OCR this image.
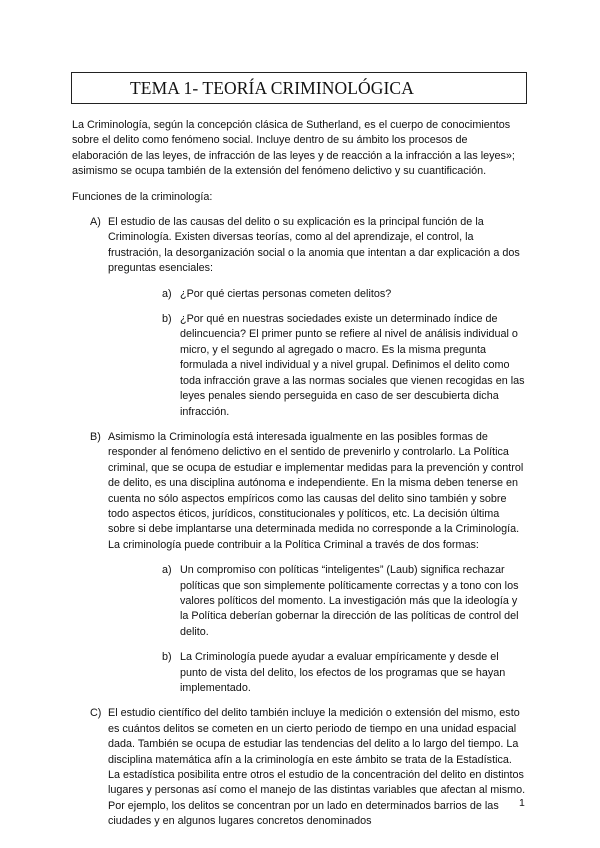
TEMA 1- TEORÍA CRIMINOLÓGICA

La Criminología, según la concepción clásica de Sutherland, es el cuerpo de conocimientos sobre el delito como fenómeno social. Incluye dentro de su ámbito los procesos de elaboración de las leyes, de infracción de las leyes y de reacción a la infracción a las leyes»; asimismo se ocupa también de la extensión del fenómeno delictivo y su cuantificación.

Funciones de la criminología:

A) El estudio de las causas del delito o su explicación es la principal función de la Criminología. Existen diversas teorías, como al del aprendizaje, el control, la frustración, la desorganización social o la anomia que intentan a dar explicación a dos preguntas esenciales:

a) ¿Por qué ciertas personas cometen delitos?

b) ¿Por qué en nuestras sociedades existe un determinado índice de delincuencia? El primer punto se refiere al nivel de análisis individual o micro, y el segundo al agregado o macro. Es la misma pregunta formulada a nivel individual y a nivel grupal. Definimos el delito como toda infracción grave a las normas sociales que vienen recogidas en las leyes penales siendo perseguida en caso de ser descubierta dicha infracción.

B) Asimismo la Criminología está interesada igualmente en las posibles formas de responder al fenómeno delictivo en el sentido de prevenirlo y controlarlo. La Política criminal, que se ocupa de estudiar e implementar medidas para la prevención y control de delito, es una disciplina autónoma e independiente. En la misma deben tenerse en cuenta no sólo aspectos empíricos como las causas del delito sino también y sobre todo aspectos éticos, jurídicos, constitucionales y políticos, etc. La decisión última sobre si debe implantarse una determinada medida no corresponde a la Criminología. La criminología puede contribuir a la Política Criminal a través de dos formas:

a) Un compromiso con políticas “inteligentes” (Laub) significa rechazar políticas que son simplemente políticamente correctas y a tono con los valores políticos del momento. La investigación más que la ideología y la Política deberían gobernar la dirección de las políticas de control del delito.

b) La Criminología puede ayudar a evaluar empíricamente y desde el punto de vista del delito, los efectos de los programas que se hayan implementado.

C) El estudio científico del delito también incluye la medición o extensión del mismo, esto es cuántos delitos se cometen en un cierto periodo de tiempo en una unidad espacial dada. También se ocupa de estudiar las tendencias del delito a lo largo del tiempo. La disciplina matemática afín a la criminología en este ámbito se trata de la Estadística. La estadística posibilita entre otros el estudio de la concentración del delito en distintos lugares y personas así como el manejo de las distintas variables que afectan al mismo. Por ejemplo, los delitos se concentran por un lado en determinados barrios de las ciudades y en algunos lugares concretos denominados

1
